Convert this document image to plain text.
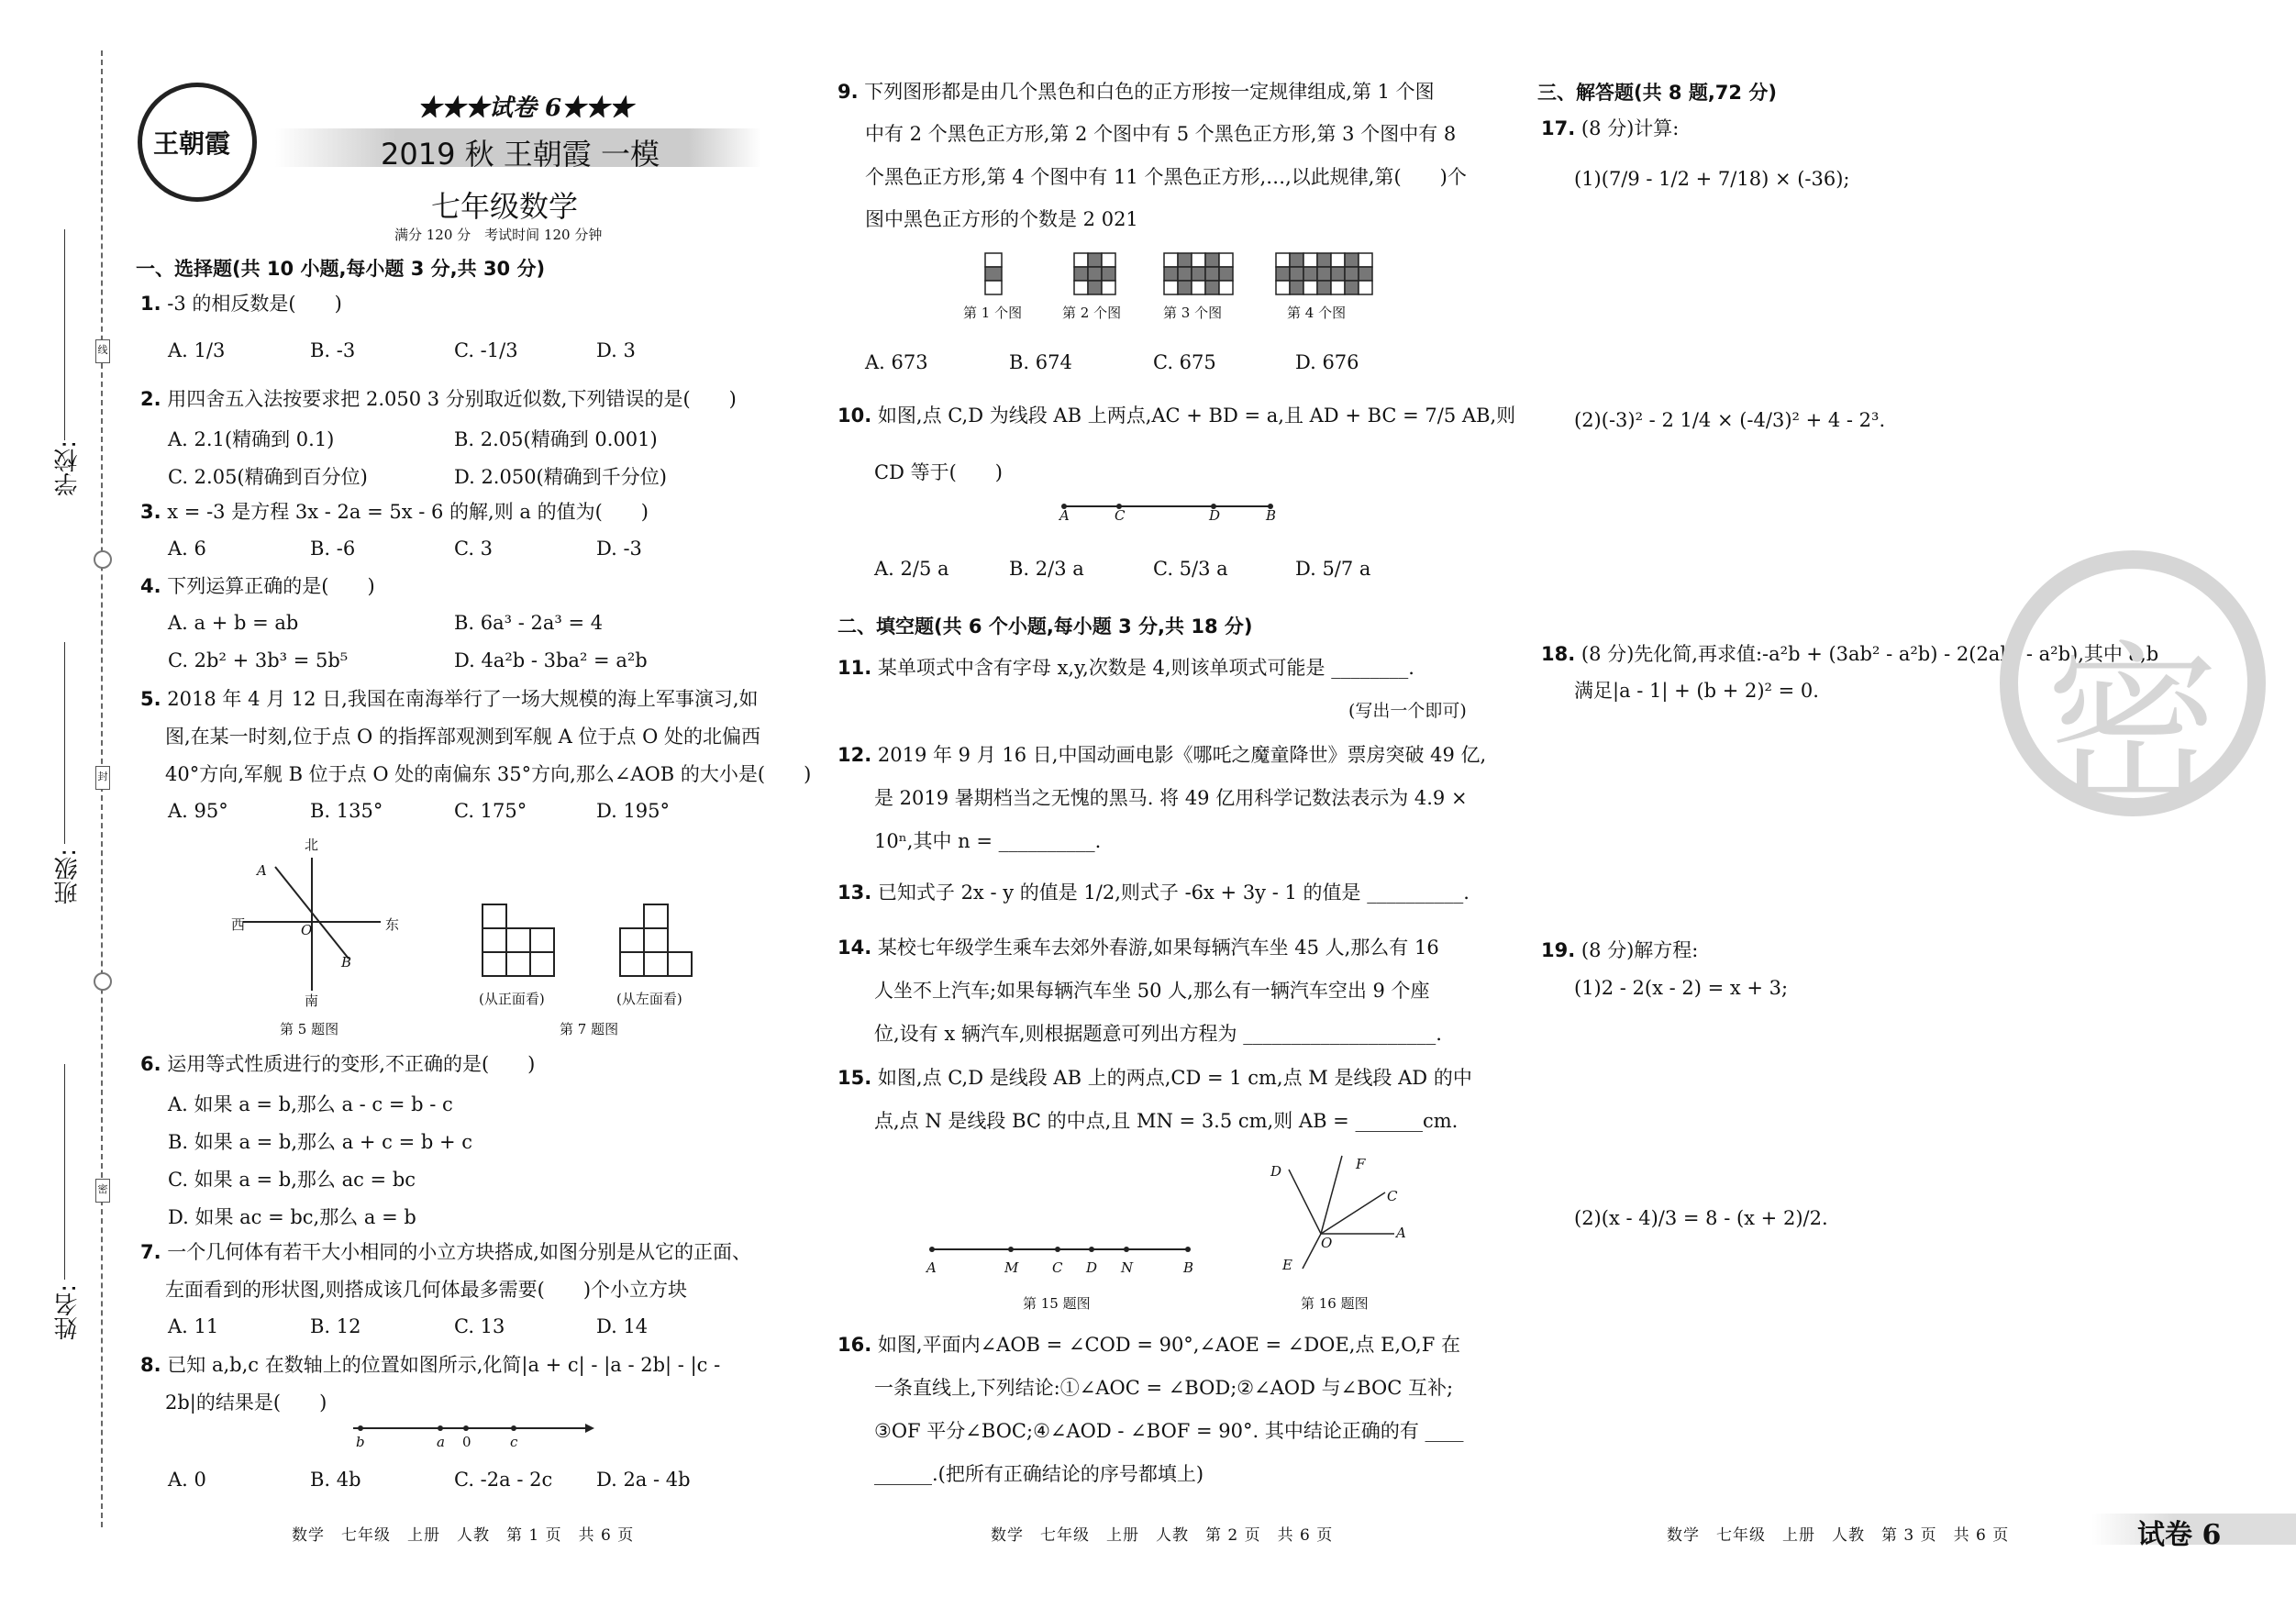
学校:
班级:
姓名:
线
封
密
王朝霞
★★★试卷 6★★★
2019 秋 王朝霞 一模
七年级数学
满分 120 分　考试时间 120 分钟
一、选择题(共 10 小题,每小题 3 分,共 30 分)
1. -3 的相反数是(　　)
A. 1/3	B. -3	C. -1/3	D. 3
2. 用四舍五入法按要求把 2.050 3 分别取近似数,下列错误的是(　　)
A. 2.1(精确到 0.1)	B. 2.05(精确到 0.001)
C. 2.05(精确到百分位)	D. 2.050(精确到千分位)
3. x = -3 是方程 3x - 2a = 5x - 6 的解,则 a 的值为(　　)
A. 6	B. -6	C. 3	D. -3
4. 下列运算正确的是(　　)
A. a + b = ab	B. 6a³ - 2a³ = 4
C. 2b² + 3b³ = 5b⁵	D. 4a²b - 3ba² = a²b
5. 2018 年 4 月 12 日,我国在南海举行了一场大规模的海上军事演习,如
图,在某一时刻,位于点 O 的指挥部观测到军舰 A 位于点 O 处的北偏西
40°方向,军舰 B 位于点 O 处的南偏东 35°方向,那么∠AOB 的大小是(　　)
A. 95°	B. 135°	C. 175°	D. 195°
北
南
西	东
A
B
O
第 5 题图
(从正面看)	(从左面看)
第 7 题图
6. 运用等式性质进行的变形,不正确的是(　　)
A. 如果 a = b,那么 a - c = b - c
B. 如果 a = b,那么 a + c = b + c
C. 如果 a = b,那么 ac = bc
D. 如果 ac = bc,那么 a = b
7. 一个几何体有若干大小相同的小立方块搭成,如图分别是从它的正面、
左面看到的形状图,则搭成该几何体最多需要(　　)个小立方块
A. 11	B. 12	C. 13	D. 14
8. 已知 a,b,c 在数轴上的位置如图所示,化简|a + c| - |a - 2b| - |c -
2b|的结果是(　　)
b	a 0	c
A. 0	B. 4b	C. -2a - 2c D. 2a - 4b
9. 下列图形都是由几个黑色和白色的正方形按一定规律组成,第 1 个图
中有 2 个黑色正方形,第 2 个图中有 5 个黑色正方形,第 3 个图中有 8
个黑色正方形,第 4 个图中有 11 个黑色正方形,…,以此规律,第(　　)个
图中黑色正方形的个数是 2 021
第 1 个图	第 2 个图	第 3 个图	第 4 个图
A. 673	B. 674	C. 675	D. 676
10. 如图,点 C,D 为线段 AB 上两点,AC + BD = a,且 AD + BC = 7/5 AB,则
CD 等于(　　)
A	C	D	B
A. 2/5 a	B. 2/3 a	C. 5/3 a	D. 5/7 a
二、填空题(共 6 个小题,每小题 3 分,共 18 分)
11. 某单项式中含有字母 x,y,次数是 4,则该单项式可能是 ________.
(写出一个即可)
12. 2019 年 9 月 16 日,中国动画电影《哪吒之魔童降世》票房突破 49 亿,
是 2019 暑期档当之无愧的黑马. 将 49 亿用科学记数法表示为 4.9 ×
10ⁿ,其中 n = __________.
13. 已知式子 2x - y 的值是 1/2,则式子 -6x + 3y - 1 的值是 __________.
14. 某校七年级学生乘车去郊外春游,如果每辆汽车坐 45 人,那么有 16
人坐不上汽车;如果每辆汽车坐 50 人,那么有一辆汽车空出 9 个座
位,设有 x 辆汽车,则根据题意可列出方程为 ____________________.
15. 如图,点 C,D 是线段 AB 上的两点,CD = 1 cm,点 M 是线段 AD 的中
点,点 N 是线段 BC 的中点,且 MN = 3.5 cm,则 AB = _______cm.
A	M C D N	B
第 15 题图
D	F
C
A
O
E
第 16 题图
16. 如图,平面内∠AOB = ∠COD = 90°,∠AOE = ∠DOE,点 E,O,F 在
一条直线上,下列结论:①∠AOC = ∠BOD;②∠AOD 与∠BOC 互补;
③OF 平分∠BOC;④∠AOD - ∠BOF = 90°. 其中结论正确的有 ____
______.(把所有正确结论的序号都填上)
三、解答题(共 8 题,72 分)
17. (8 分)计算:
(1)(7/9 - 1/2 + 7/18) × (-36);
(2)(-3)² - 2 1/4 × (-4/3)² + 4 - 2³.
18. (8 分)先化简,再求值:-a²b + (3ab² - a²b) - 2(2ab² - a²b),其中 a,b
满足|a - 1| + (b + 2)² = 0. 密
19. (8 分)解方程:
(1)2 - 2(x - 2) = x + 3;
(2)(x - 4)/3 = 8 - (x + 2)/2.
数学　七年级　上册　人教　第 1 页　共 6 页	数学　七年级　上册　人教　第 2 页　共 6 页	数学　七年级　上册　人教　第 3 页　共 6 页	试卷 6
